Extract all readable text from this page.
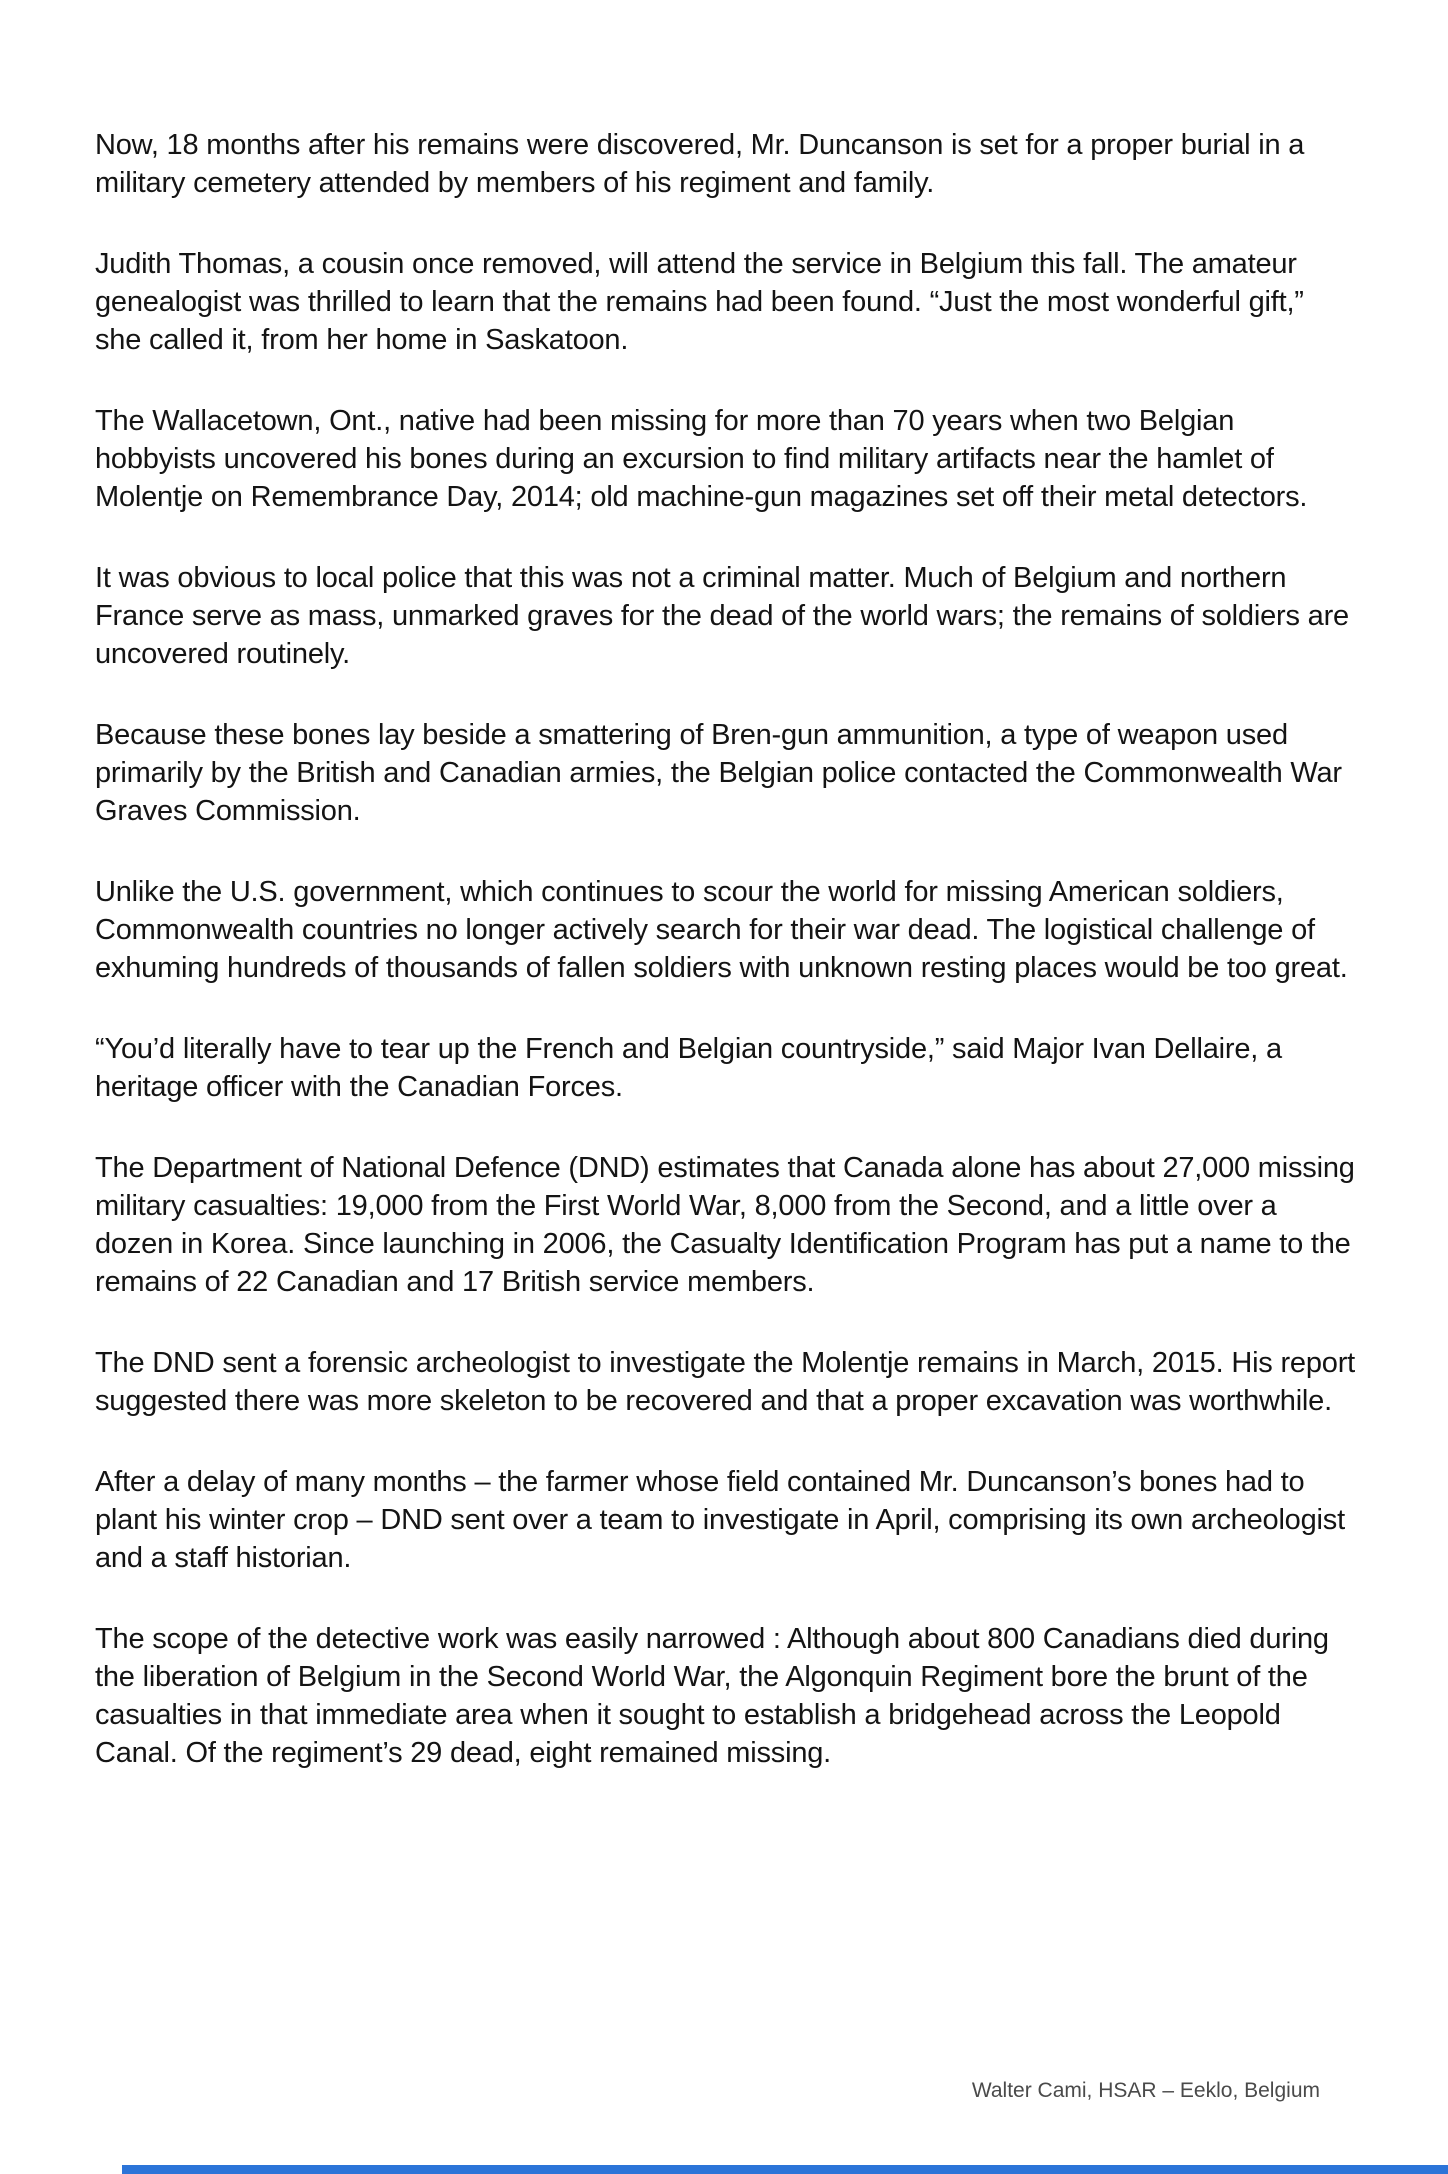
Now, 18 months after his remains were discovered, Mr. Duncanson is set for a proper burial in a military cemetery attended by members of his regiment and family.

Judith Thomas, a cousin once removed, will attend the service in Belgium this fall. The amateur genealogist was thrilled to learn that the remains had been found. “Just the most wonderful gift,” she called it, from her home in Saskatoon.

The Wallacetown, Ont., native had been missing for more than 70 years when two Belgian hobbyists uncovered his bones during an excursion to find military artifacts near the hamlet of Molentje on Remembrance Day, 2014; old machine-gun magazines set off their metal detectors.

It was obvious to local police that this was not a criminal matter. Much of Belgium and northern France serve as mass, unmarked graves for the dead of the world wars; the remains of soldiers are uncovered routinely.

Because these bones lay beside a smattering of Bren-gun ammunition, a type of weapon used primarily by the British and Canadian armies, the Belgian police contacted the Commonwealth War Graves Commission.

Unlike the U.S. government, which continues to scour the world for missing American soldiers, Commonwealth countries no longer actively search for their war dead. The logistical challenge of exhuming hundreds of thousands of fallen soldiers with unknown resting places would be too great.

“You’d literally have to tear up the French and Belgian countryside,” said Major Ivan Dellaire, a heritage officer with the Canadian Forces.

The Department of National Defence (DND) estimates that Canada alone has about 27,000 missing military casualties: 19,000 from the First World War, 8,000 from the Second, and a little over a dozen in Korea. Since launching in 2006, the Casualty Identification Program has put a name to the remains of 22 Canadian and 17 British service members.

The DND sent a forensic archeologist to investigate the Molentje remains in March, 2015. His report suggested there was more skeleton to be recovered and that a proper excavation was worthwhile.

After a delay of many months – the farmer whose field contained Mr. Duncanson’s bones had to plant his winter crop – DND sent over a team to investigate in April, comprising its own archeologist and a staff historian.

The scope of the detective work was easily narrowed : Although about 800 Canadians died during the liberation of Belgium in the Second World War, the Algonquin Regiment bore the brunt of the casualties in that immediate area when it sought to establish a bridgehead across the Leopold Canal. Of the regiment’s 29 dead, eight remained missing.

Walter Cami, HSAR – Eeklo, Belgium
